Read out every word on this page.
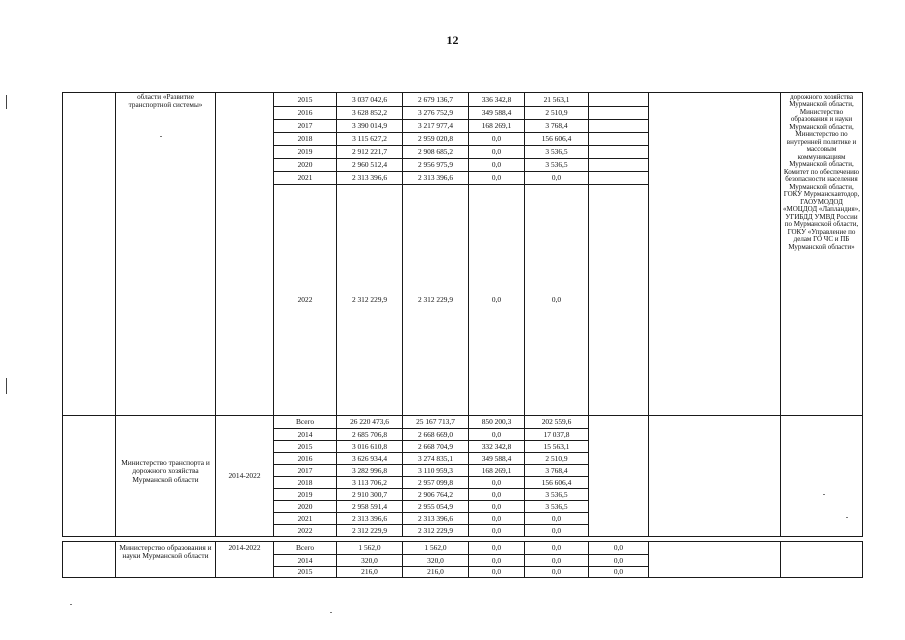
12
области «Развитие транспортной системы»
2015	3 037 042,6	2 679 136,7	336 342,8	21 563,1
2016	3 628 852,2	3 276 752,9	349 588,4	2 510,9
2017	3 390 014,9	3 217 977,4	168 269,1	3 768,4
2018	3 115 627,2	2 959 020,8	0,0	156 606,4
2019	2 912 221,7	2 908 685,2	0,0	3 536,5
2020	2 960 512,4	2 956 975,9	0,0	3 536,5
2021	2 313 396,6	2 313 396,6	0,0	0,0
2022	2 312 229,9	2 312 229,9	0,0	0,0
дорожного хозяйства Мурманской области, Министерство образования и науки Мурманской области, Министерство по внутренней политике и массовым коммуникациям Мурманской области, Комитет по обеспечению безопасности населения Мурманской области, ГОКУ Мурманскавтодор, ГАОУМОДОД «МОЦДОД «Лапландия», УГИБДД УМВД России по Мурманской области, ГОКУ «Управление по делам ГО ЧС и ПБ Мурманской области»
Министерство транспорта и дорожного хозяйства Мурманской области	2014-2022
Всего	26 220 473,6	25 167 713,7	850 200,3	202 559,6
2014	2 685 706,8	2 668 669,0	0,0	17 037,8
2015	3 016 610,8	2 668 704,9	332 342,8	15 563,1
2016	3 626 934,4	3 274 835,1	349 588,4	2 510,9
2017	3 282 996,8	3 110 959,3	168 269,1	3 768,4
2018	3 113 706,2	2 957 099,8	0,0	156 606,4
2019	2 910 300,7	2 906 764,2	0,0	3 536,5
2020	2 958 591,4	2 955 054,9	0,0	3 536,5
2021	2 313 396,6	2 313 396,6	0,0	0,0
2022	2 312 229,9	2 312 229,9	0,0	0,0
Министерство образования и науки Мурманской области
2014-2022	Всего	1 562,0	1 562,0	0,0	0,0	0,0
2014	320,0	320,0	0,0	0,0	0,0
2015	216,0	216,0	0,0	0,0	0,0
